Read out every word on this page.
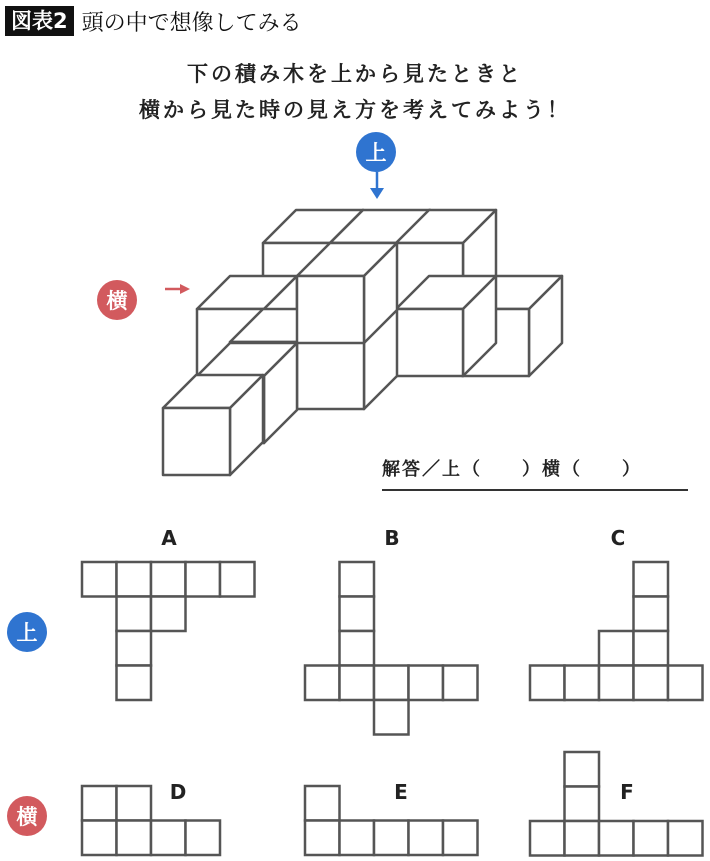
図表2 頭の中で想像してみる
下の積み木を上から見たときと
横から見た時の見え方を考えてみよう！
上
横
上
横
解答／上（　　）横（　　）
A	B	C
D	E	F
